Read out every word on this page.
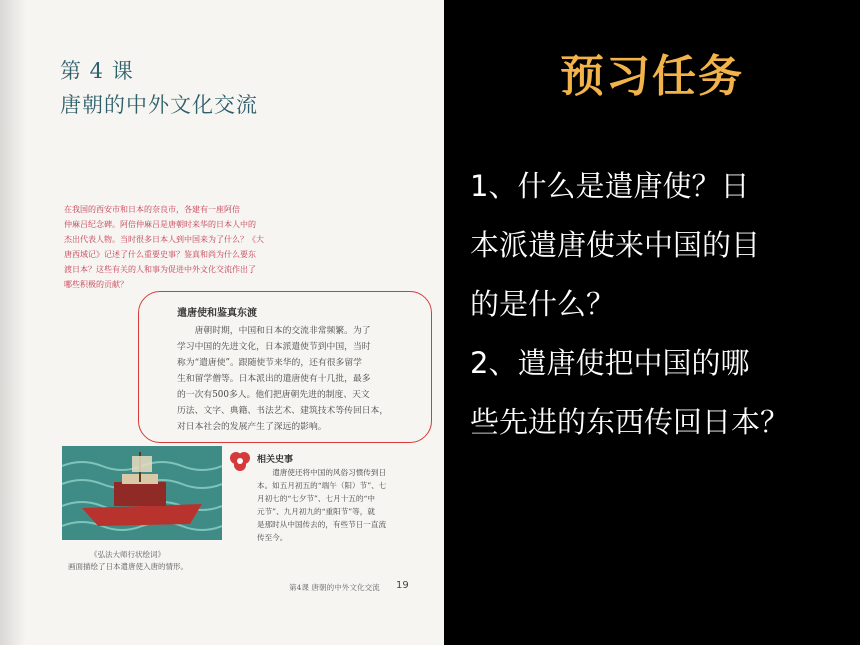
第 4 课
唐朝的中外文化交流
在我国的西安市和日本的奈良市，各建有一座阿倍
仲麻吕纪念碑。阿倍仲麻吕是唐朝时来华的日本人中的
杰出代表人物。当时很多日本人到中国来为了什么？《大
唐西域记》记述了什么重要史事？鉴真和尚为什么要东
渡日本？这些有关的人和事为促进中外文化交流作出了
哪些积极的贡献？
遣唐使和鉴真东渡
唐朝时期，中国和日本的交流非常频繁。为了
学习中国的先进文化，日本派遣使节到中国，当时
称为“遣唐使”。跟随使节来华的，还有很多留学
生和留学僧等。日本派出的遣唐使有十几批，最多
的一次有500多人。他们把唐朝先进的制度、天文
历法、文字、典籍、书法艺术、建筑技术等传回日本，
对日本社会的发展产生了深远的影响。
《弘法大师行状绘词》
画面描绘了日本遣唐使入唐的情形。
相关史事
遣唐使还将中国的风俗习惯传到日
本。如五月初五的“端午（阳）节”、七
月初七的“七夕节”、七月十五的“中
元节”、九月初九的“重阳节”等，就
是那时从中国传去的，有些节日一直流
传至今。
第4课 唐朝的中外文化交流 19
预习任务

1、什么是遣唐使？日

本派遣唐使来中国的目

的是什么？

2、遣唐使把中国的哪

些先进的东西传回日本？
